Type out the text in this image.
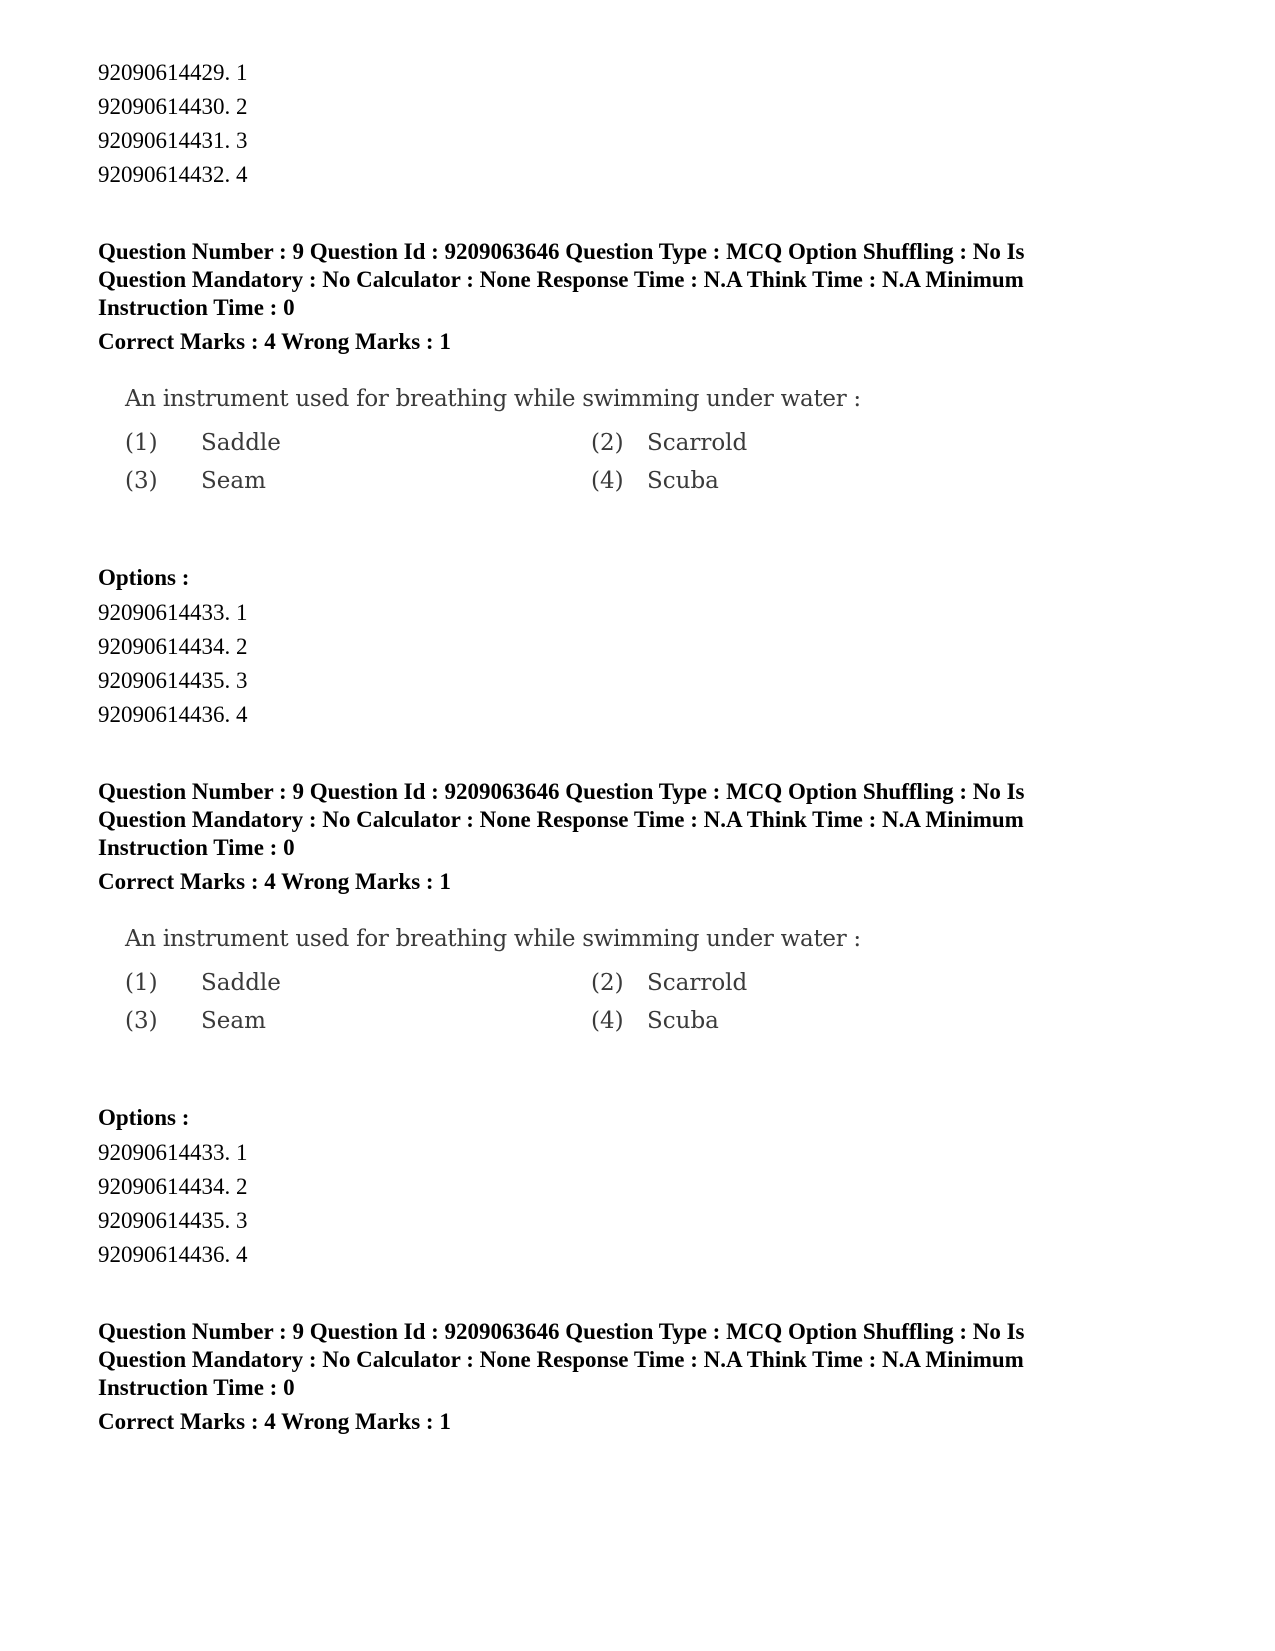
92090614429. 1
92090614430. 2
92090614431. 3
92090614432. 4
Question Number : 9 Question Id : 9209063646 Question Type : MCQ Option Shuffling : No Is
Question Mandatory : No Calculator : None Response Time : N.A Think Time : N.A Minimum
Instruction Time : 0
Correct Marks : 4 Wrong Marks : 1
An instrument used for breathing while swimming under water :
(1) Saddle	(2) Scarrold
(3) Seam	(4) Scuba
Options :
92090614433. 1
92090614434. 2
92090614435. 3
92090614436. 4
Question Number : 9 Question Id : 9209063646 Question Type : MCQ Option Shuffling : No Is
Question Mandatory : No Calculator : None Response Time : N.A Think Time : N.A Minimum
Instruction Time : 0
Correct Marks : 4 Wrong Marks : 1
An instrument used for breathing while swimming under water :
(1) Saddle	(2) Scarrold
(3) Seam	(4) Scuba
Options :
92090614433. 1
92090614434. 2
92090614435. 3
92090614436. 4
Question Number : 9 Question Id : 9209063646 Question Type : MCQ Option Shuffling : No Is
Question Mandatory : No Calculator : None Response Time : N.A Think Time : N.A Minimum
Instruction Time : 0
Correct Marks : 4 Wrong Marks : 1
